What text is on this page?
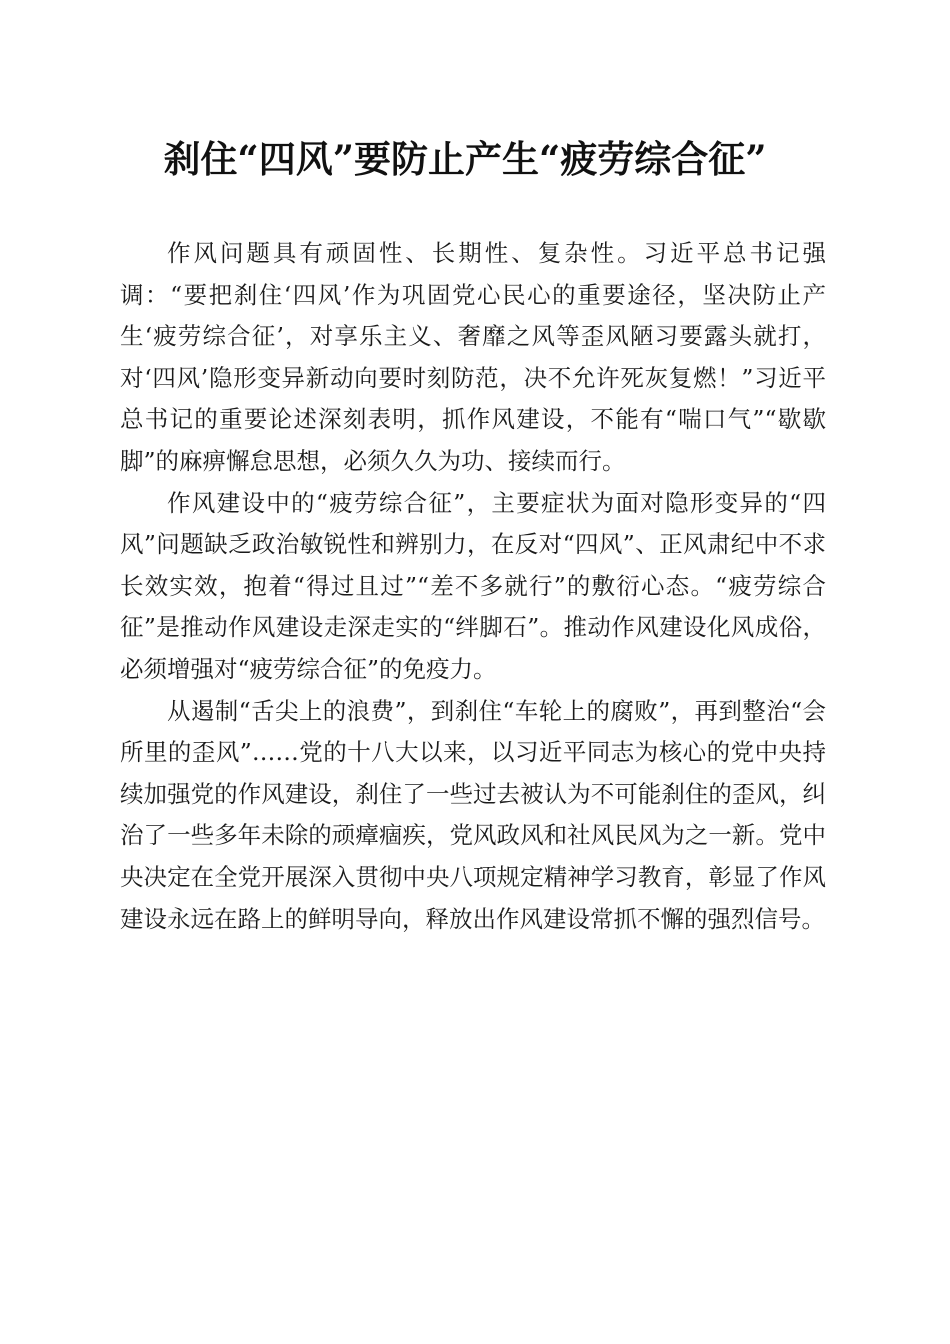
刹住“四风”要防止产生“疲劳综合征”

作风问题具有顽固性、长期性、复杂性。习近平总书记强调：“要把刹住‘四风’作为巩固党心民心的重要途径，坚决防止产生‘疲劳综合征’，对享乐主义、奢靡之风等歪风陋习要露头就打，对‘四风’隐形变异新动向要时刻防范，决不允许死灰复燃！”习近平总书记的重要论述深刻表明，抓作风建设，不能有“喘口气”“歇歇脚”的麻痹懈怠思想，必须久久为功、接续而行。

作风建设中的“疲劳综合征”，主要症状为面对隐形变异的“四风”问题缺乏政治敏锐性和辨别力，在反对“四风”、正风肃纪中不求长效实效，抱着“得过且过”“差不多就行”的敷衍心态。“疲劳综合征”是推动作风建设走深走实的“绊脚石”。推动作风建设化风成俗，必须增强对“疲劳综合征”的免疫力。

从遏制“舌尖上的浪费”，到刹住“车轮上的腐败”，再到整治“会所里的歪风”……党的十八大以来，以习近平同志为核心的党中央持续加强党的作风建设，刹住了一些过去被认为不可能刹住的歪风，纠治了一些多年未除的顽瘴痼疾，党风政风和社风民风为之一新。党中央决定在全党开展深入贯彻中央八项规定精神学习教育，彰显了作风建设永远在路上的鲜明导向，释放出作风建设常抓不懈的强烈信号。
